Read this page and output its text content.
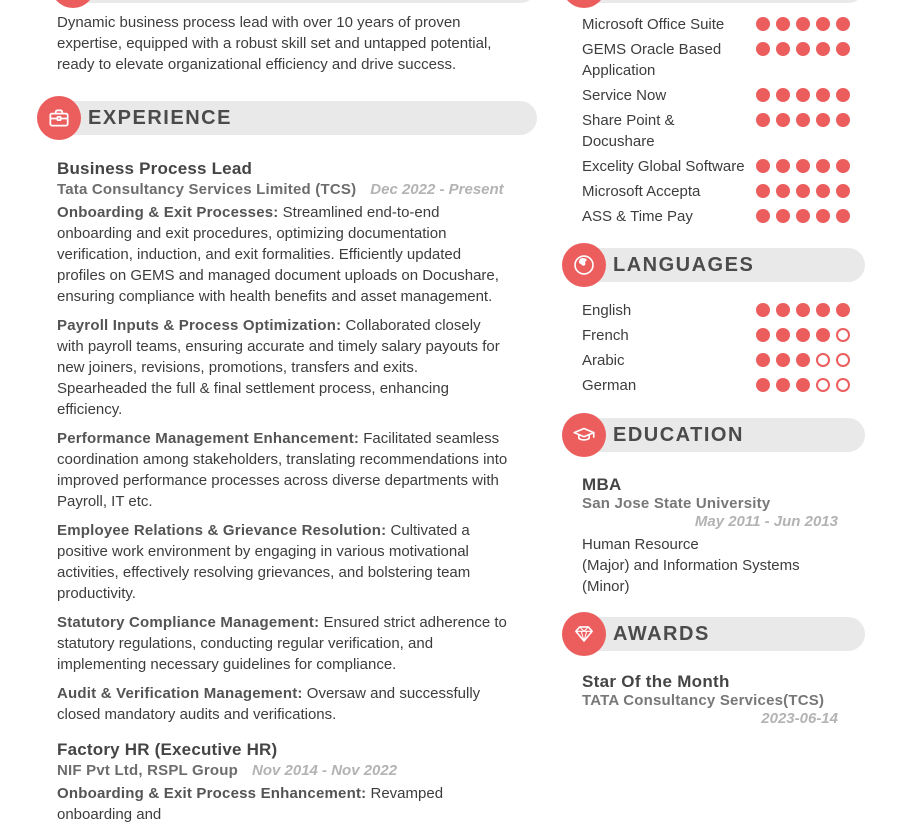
Dynamic business process lead with over 10 years of proven expertise, equipped with a robust skill set and untapped potential, ready to elevate organizational efficiency and drive success.

EXPERIENCE
Business Process Lead
Tata Consultancy Services Limited (TCS) Dec 2022 - Present

Onboarding & Exit Processes: Streamlined end-to-end onboarding and exit procedures, optimizing documentation verification, induction, and exit formalities. Efficiently updated profiles on GEMS and managed document uploads on Docushare, ensuring compliance with health benefits and asset management.

Payroll Inputs & Process Optimization: Collaborated closely with payroll teams, ensuring accurate and timely salary payouts for new joiners, revisions, promotions, transfers and exits. Spearheaded the full & final settlement process, enhancing efficiency.

Performance Management Enhancement: Facilitated seamless coordination among stakeholders, translating recommendations into improved performance processes across diverse departments with Payroll, IT etc.

Employee Relations & Grievance Resolution: Cultivated a positive work environment by engaging in various motivational activities, effectively resolving grievances, and bolstering team productivity.

Statutory Compliance Management: Ensured strict adherence to statutory regulations, conducting regular verification, and implementing necessary guidelines for compliance.

Audit & Verification Management: Oversaw and successfully closed mandatory audits and verifications.

Factory HR (Executive HR)
NIF Pvt Ltd, RSPL Group Nov 2014 - Nov 2022

Onboarding & Exit Process Enhancement: Revamped onboarding and

Microsoft Office Suite
GEMS Oracle Based Application
Service Now
Share Point & Docushare
Excelity Global Software
Microsoft Accepta
ASS & Time Pay
LANGUAGES
English
French
Arabic
German
EDUCATION
MBA
San Jose State University
May 2011 - Jun 2013
Human Resource
(Major) and Information Systems (Minor)
AWARDS
Star Of the Month
TATA Consultancy Services(TCS)
2023-06-14
